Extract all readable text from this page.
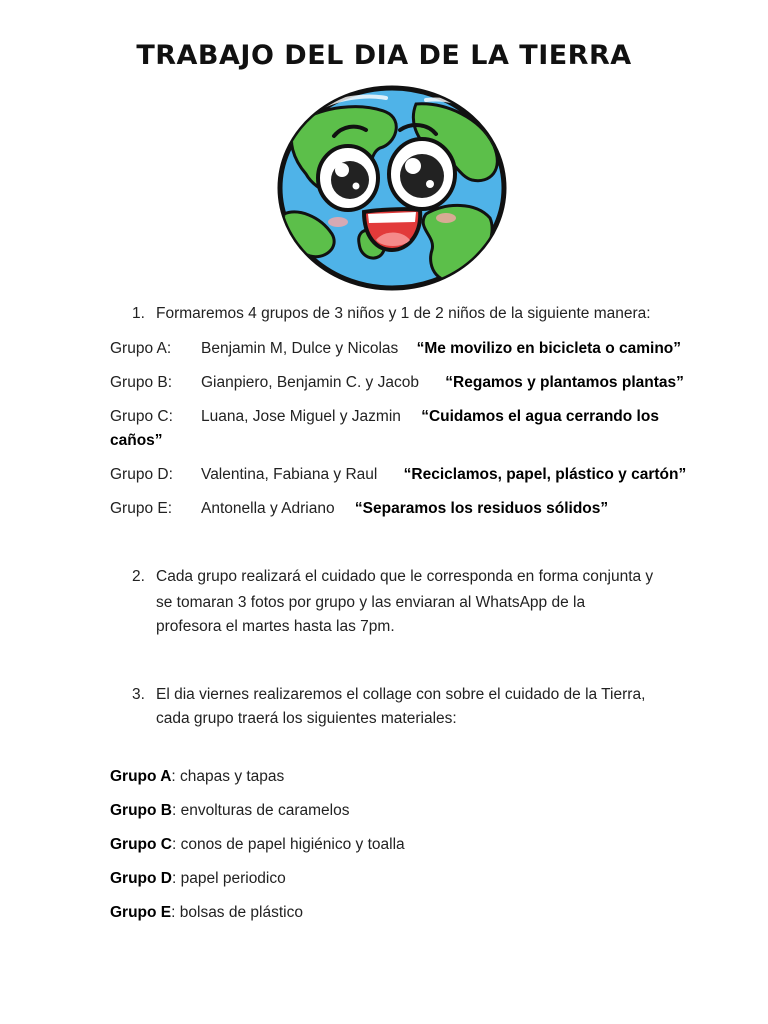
TRABAJO DEL DIA DE LA TIERRA
1. Formaremos 4 grupos de 3 niños y 1 de 2 niños de la siguiente manera:
Grupo A: Benjamin M, Dulce y Nicolas “Me movilizo en bicicleta o camino”
Grupo B: Gianpiero, Benjamin C. y Jacob “Regamos y plantamos plantas”
Grupo C: Luana, Jose Miguel y Jazmin “Cuidamos el agua cerrando los
caños”
Grupo D: Valentina, Fabiana y Raul “Reciclamos, papel, plástico y cartón”
Grupo E: Antonella y Adriano “Separamos los residuos sólidos”
2. Cada grupo realizará el cuidado que le corresponda en forma conjunta y
se tomaran 3 fotos por grupo y las enviaran al WhatsApp de la
profesora el martes hasta las 7pm.
3. El dia viernes realizaremos el collage con sobre el cuidado de la Tierra,
cada grupo traerá los siguientes materiales:
Grupo A: chapas y tapas
Grupo B: envolturas de caramelos
Grupo C: conos de papel higiénico y toalla
Grupo D: papel periodico
Grupo E: bolsas de plástico
